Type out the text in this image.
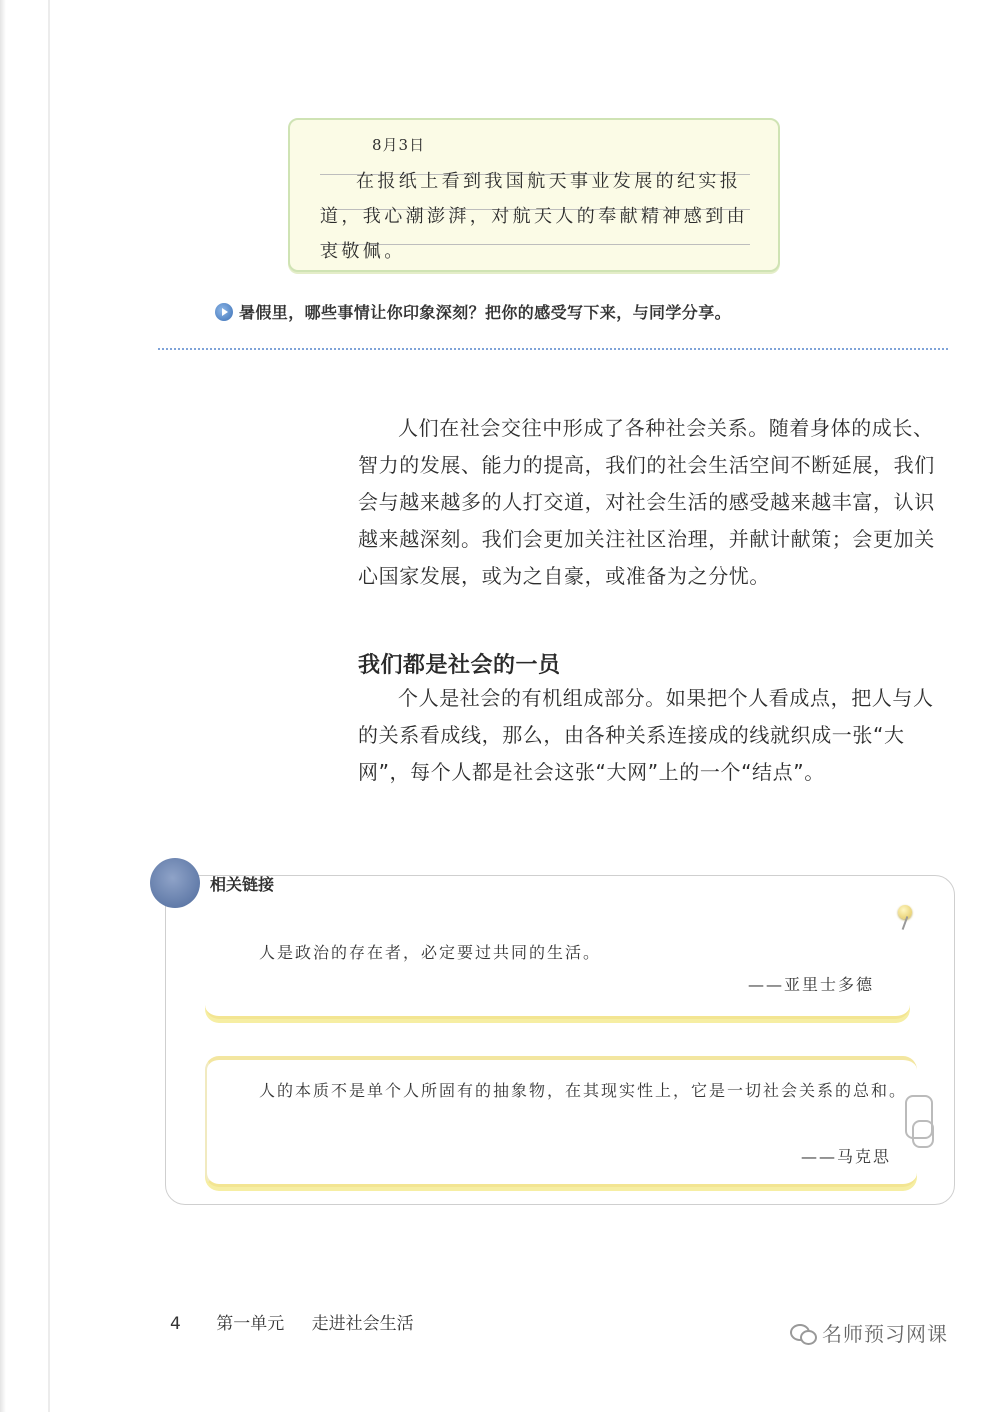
8月3日
在报纸上看到我国航天事业发展的纪实报道，我心潮澎湃，对航天人的奉献精神感到由衷敬佩。
暑假里，哪些事情让你印象深刻？把你的感受写下来，与同学分享。
人们在社会交往中形成了各种社会关系。随着身体的成长、智力的发展、能力的提高，我们的社会生活空间不断延展，我们会与越来越多的人打交道，对社会生活的感受越来越丰富，认识越来越深刻。我们会更加关注社区治理，并献计献策；会更加关心国家发展，或为之自豪，或准备为之分忧。
我们都是社会的一员
个人是社会的有机组成部分。如果把个人看成点，把人与人的关系看成线，那么，由各种关系连接成的线就织成一张“大网”，每个人都是社会这张“大网”上的一个“结点”。
相关链接
人是政治的存在者，必定要过共同的生活。
——亚里士多德
人的本质不是单个人所固有的抽象物，在其现实性上，它是一切社会关系的总和。
——马克思
4 第一单元 走进社会生活	名师预习网课
